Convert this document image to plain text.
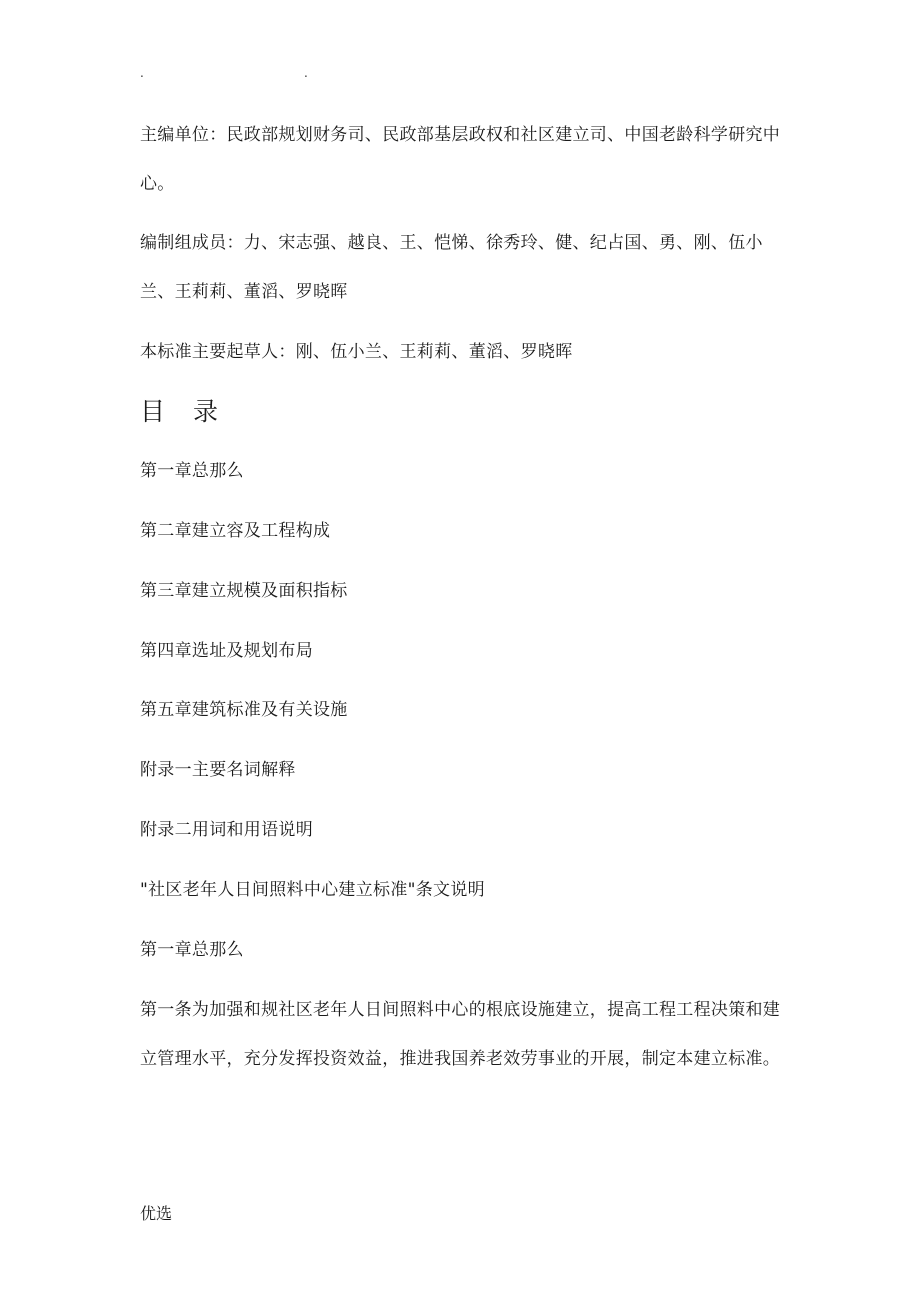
.	.

主编单位：民政部规划财务司、民政部基层政权和社区建立司、中国老龄科学研究中心。

编制组成员：力、宋志强、越良、王、恺悌、徐秀玲、健、纪占国、勇、刚、伍小兰、王莉莉、董滔、罗晓晖

本标准主要起草人：刚、伍小兰、王莉莉、董滔、罗晓晖

目 录

第一章总那么

第二章建立容及工程构成

第三章建立规模及面积指标

第四章选址及规划布局

第五章建筑标准及有关设施

附录一主要名词解释

附录二用词和用语说明

"社区老年人日间照料中心建立标准"条文说明

第一章总那么

第一条为加强和规社区老年人日间照料中心的根底设施建立，提高工程工程决策和建立管理水平，充分发挥投资效益，推进我国养老效劳事业的开展，制定本建立标准。

优选
